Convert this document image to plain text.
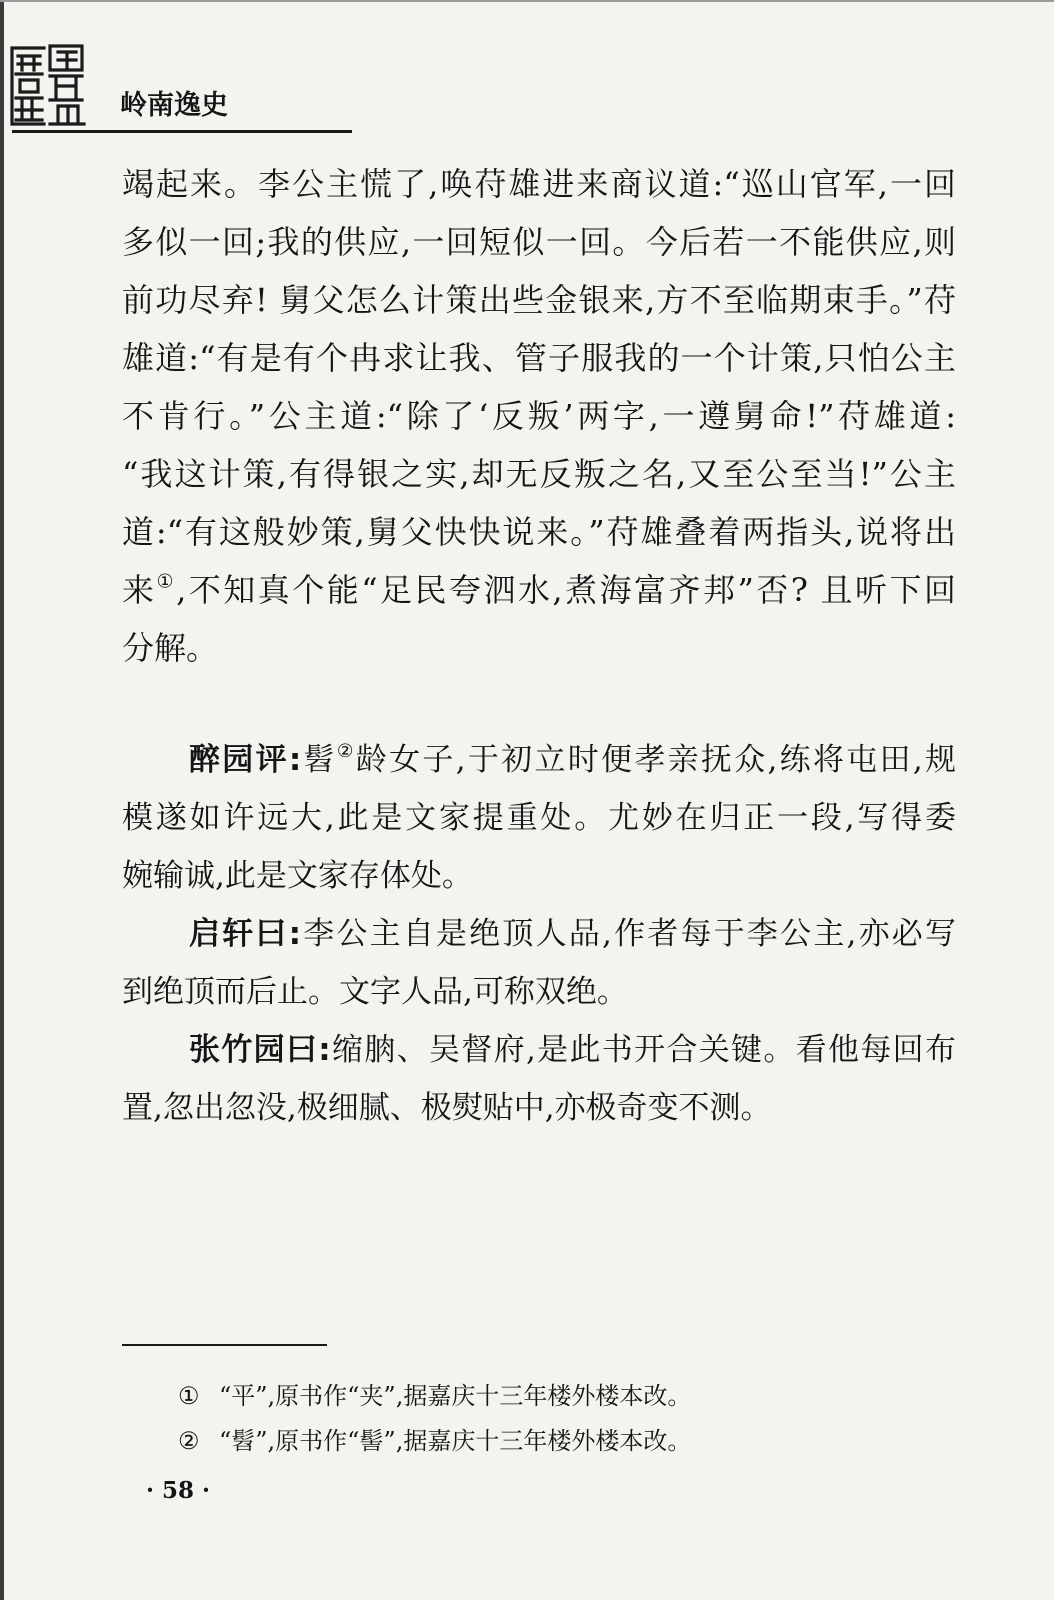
岭南逸史
竭起来。李公主慌了,唤苻雄进来商议道:“巡山官军,一回
多似一回;我的供应,一回短似一回。今后若一不能供应,则
前功尽弃! 舅父怎么计策出些金银来,方不至临期束手。”苻
雄道:“有是有个冉求让我、管子服我的一个计策,只怕公主
不肯行。”公主道:“除了‘反叛’两字,一遵舅命!”苻雄道:
“我这计策,有得银之实,却无反叛之名,又至公至当!”公主
道:“有这般妙策,舅父快快说来。”苻雄叠着两指头,说将出
来①,不知真个能“足民夸泗水,煮海富齐邦”否? 且听下回
分解。
醉园评:髫②龄女子,于初立时便孝亲抚众,练将屯田,规
模遂如许远大,此是文家提重处。尤妙在归正一段,写得委
婉输诚,此是文家存体处。
启轩曰:李公主自是绝顶人品,作者每于李公主,亦必写
到绝顶而后止。文字人品,可称双绝。
张竹园曰:缩朒、吴督府,是此书开合关键。看他每回布
置,忽出忽没,极细腻、极熨贴中,亦极奇变不测。
① “平”,原书作“夹”,据嘉庆十三年楼外楼本改。
② “髫”,原书作“髻”,据嘉庆十三年楼外楼本改。
· 58 ·
